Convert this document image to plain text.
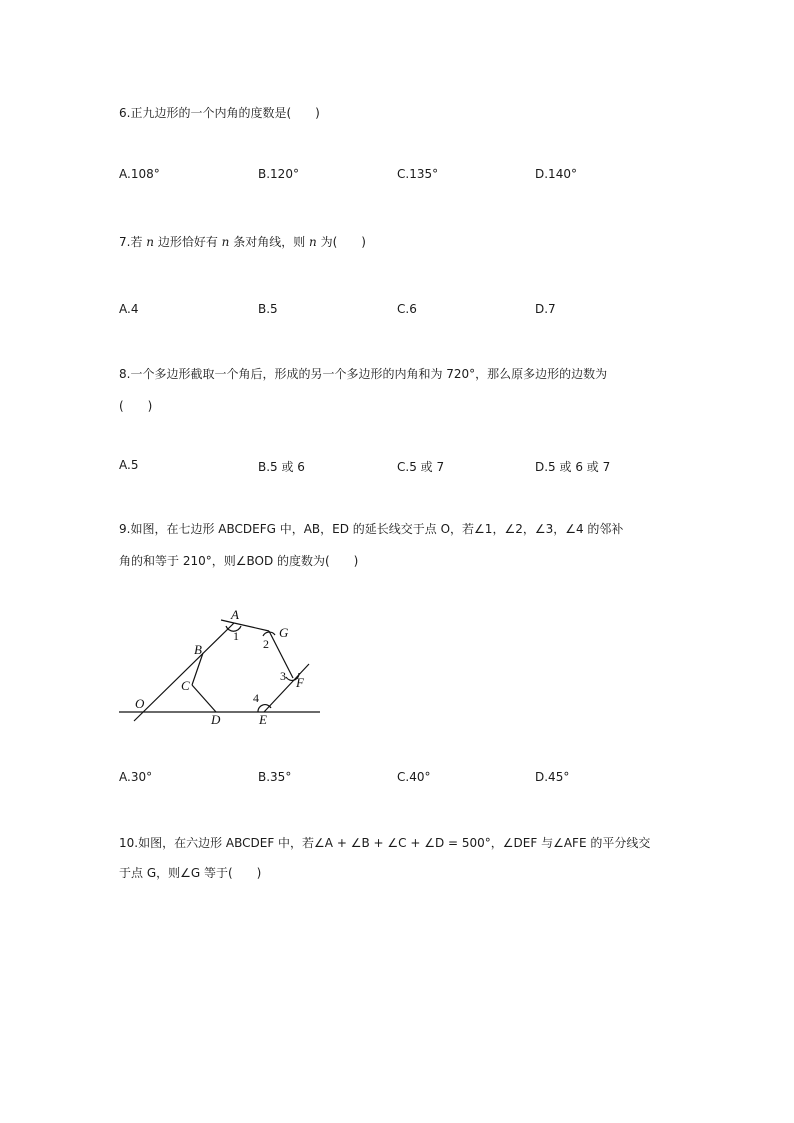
6.正九边形的一个内角的度数是(　　)
A.108°	B.120°	C.135°	D.140°
7.若 n 边形恰好有 n 条对角线，则 n 为(　　)
A.4	B.5	C.6	D.7
8.一个多边形截取一个角后，形成的另一个多边形的内角和为 720°，那么原多边形的边数为
(　　)
A.5	B.5 或 6	C.5 或 7	D.5 或 6 或 7
9.如图，在七边形 ABCDEFG 中，AB，ED 的延长线交于点 O，若∠1，∠2，∠3，∠4 的邻补
角的和等于 210°，则∠BOD 的度数为(　　)
A
B
C
D	E
F
G
O
1
2
3
4
A.30°	B.35°	C.40°	D.45°
10.如图，在六边形 ABCDEF 中，若∠A + ∠B + ∠C + ∠D = 500°，∠DEF 与∠AFE 的平分线交
于点 G，则∠G 等于(　　)
